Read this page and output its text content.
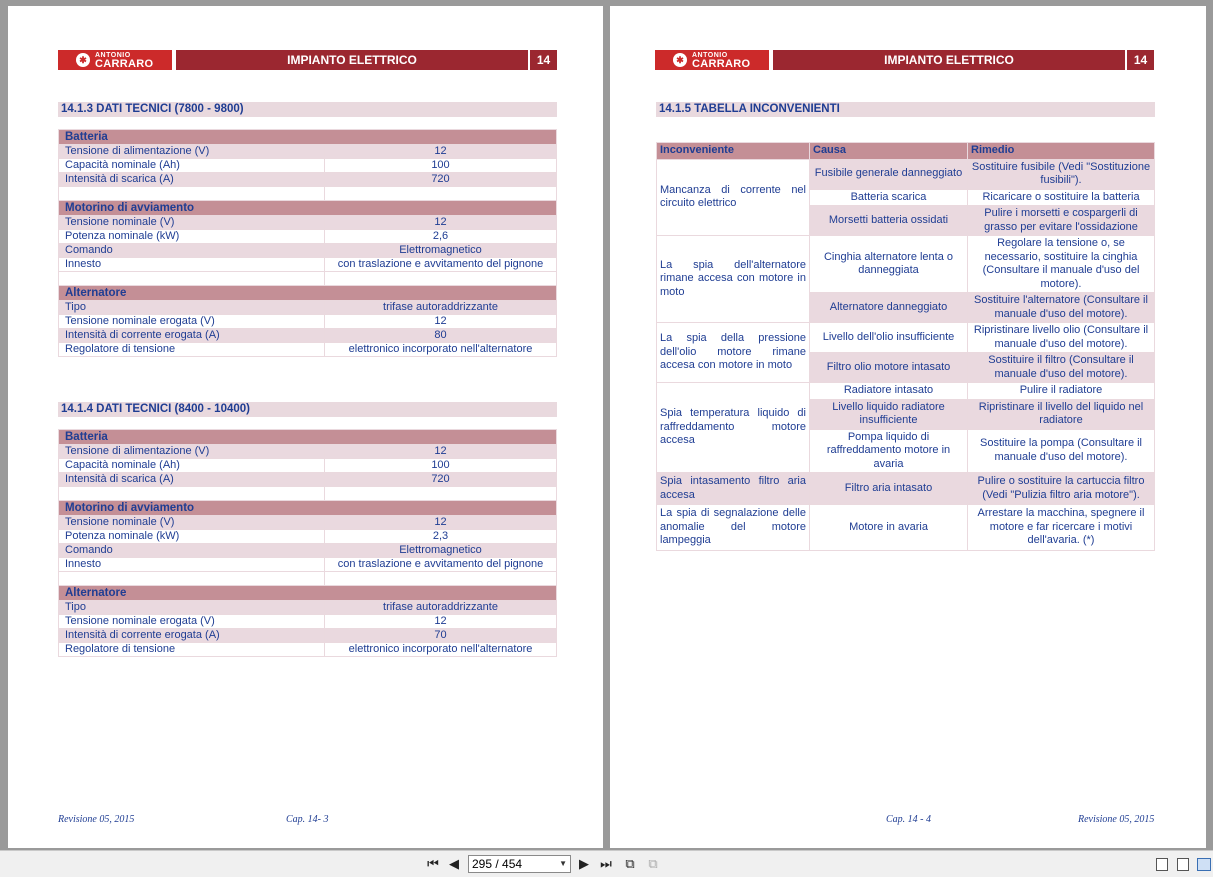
✱	ANTONIO
CARRARO	IMPIANTO ELETTRICO	14
14.1.3 DATI TECNICI (7800 - 9800)
Batteria	
Tensione di alimentazione (V)	12
Capacità nominale (Ah)	100
Intensità di scarica (A)	720

Motorino di avviamento	
Tensione nominale (V)	12
Potenza nominale (kW)	2,6
Comando	Elettromagnetico
Innesto	con traslazione e avvitamento del pignone

Alternatore	
Tipo	trifase autoraddrizzante
Tensione nominale erogata (V)	12
Intensità di corrente erogata (A)	80
Regolatore di tensione	elettronico incorporato nell'alternatore
14.1.4 DATI TECNICI (8400 - 10400)
Batteria	
Tensione di alimentazione (V)	12
Capacità nominale (Ah)	100
Intensità di scarica (A)	720

Motorino di avviamento	
Tensione nominale (V)	12
Potenza nominale (kW)	2,3
Comando	Elettromagnetico
Innesto	con traslazione e avvitamento del pignone

Alternatore	
Tipo	trifase autoraddrizzante
Tensione nominale erogata (V)	12
Intensità di corrente erogata (A)	70
Regolatore di tensione	elettronico incorporato nell'alternatore
Revisione 05, 2015	Cap. 14- 3
✱	ANTONIO
CARRARO	IMPIANTO ELETTRICO	14
14.1.5 TABELLA INCONVENIENTI
Inconveniente	Causa	Rimedio
Mancanza di corrente nel circuito elettrico	Fusibile generale danneggiato	Sostituire fusibile (Vedi "Sostituzione fusibili").
	Batteria scarica	Ricaricare o sostituire la batteria
	Morsetti batteria ossidati	Pulire i morsetti e cospargerli di grasso per evitare l'ossidazione
La spia dell'alternatore rimane accesa con motore in moto	Cinghia alternatore lenta o danneggiata	Regolare la tensione o, se necessario, sostituire la cinghia (Consultare il manuale d'uso del motore).
	Alternatore danneggiato	Sostituire l'alternatore (Consultare il manuale d'uso del motore).
La spia della pressione dell'olio motore rimane accesa con motore in moto	Livello dell'olio insufficiente	Ripristinare livello olio (Consultare il manuale d'uso del motore).
	Filtro olio motore intasato	Sostituire il filtro (Consultare il manuale d'uso del motore).
Spia temperatura liquido di raffreddamento motore accesa	Radiatore intasato	Pulire il radiatore
	Livello liquido radiatore insufficiente	Ripristinare il livello del liquido nel radiatore
	Pompa liquido di raffreddamento motore in avaria	Sostituire la pompa (Consultare il manuale d'uso del motore).
Spia intasamento filtro aria accesa	Filtro aria intasato	Pulire o sostituire la cartuccia filtro (Vedi "Pulizia filtro aria motore").
La spia di segnalazione delle anomalie del motore lampeggia	Motore in avaria	Arrestare la macchina, spegnere il motore e far ricercare i motivi dell'avaria. (*)
Cap. 14 - 4	Revisione 05, 2015
⏮ ◀	295 / 454	▼ ▶ ⏭ ⧉ ⧉
